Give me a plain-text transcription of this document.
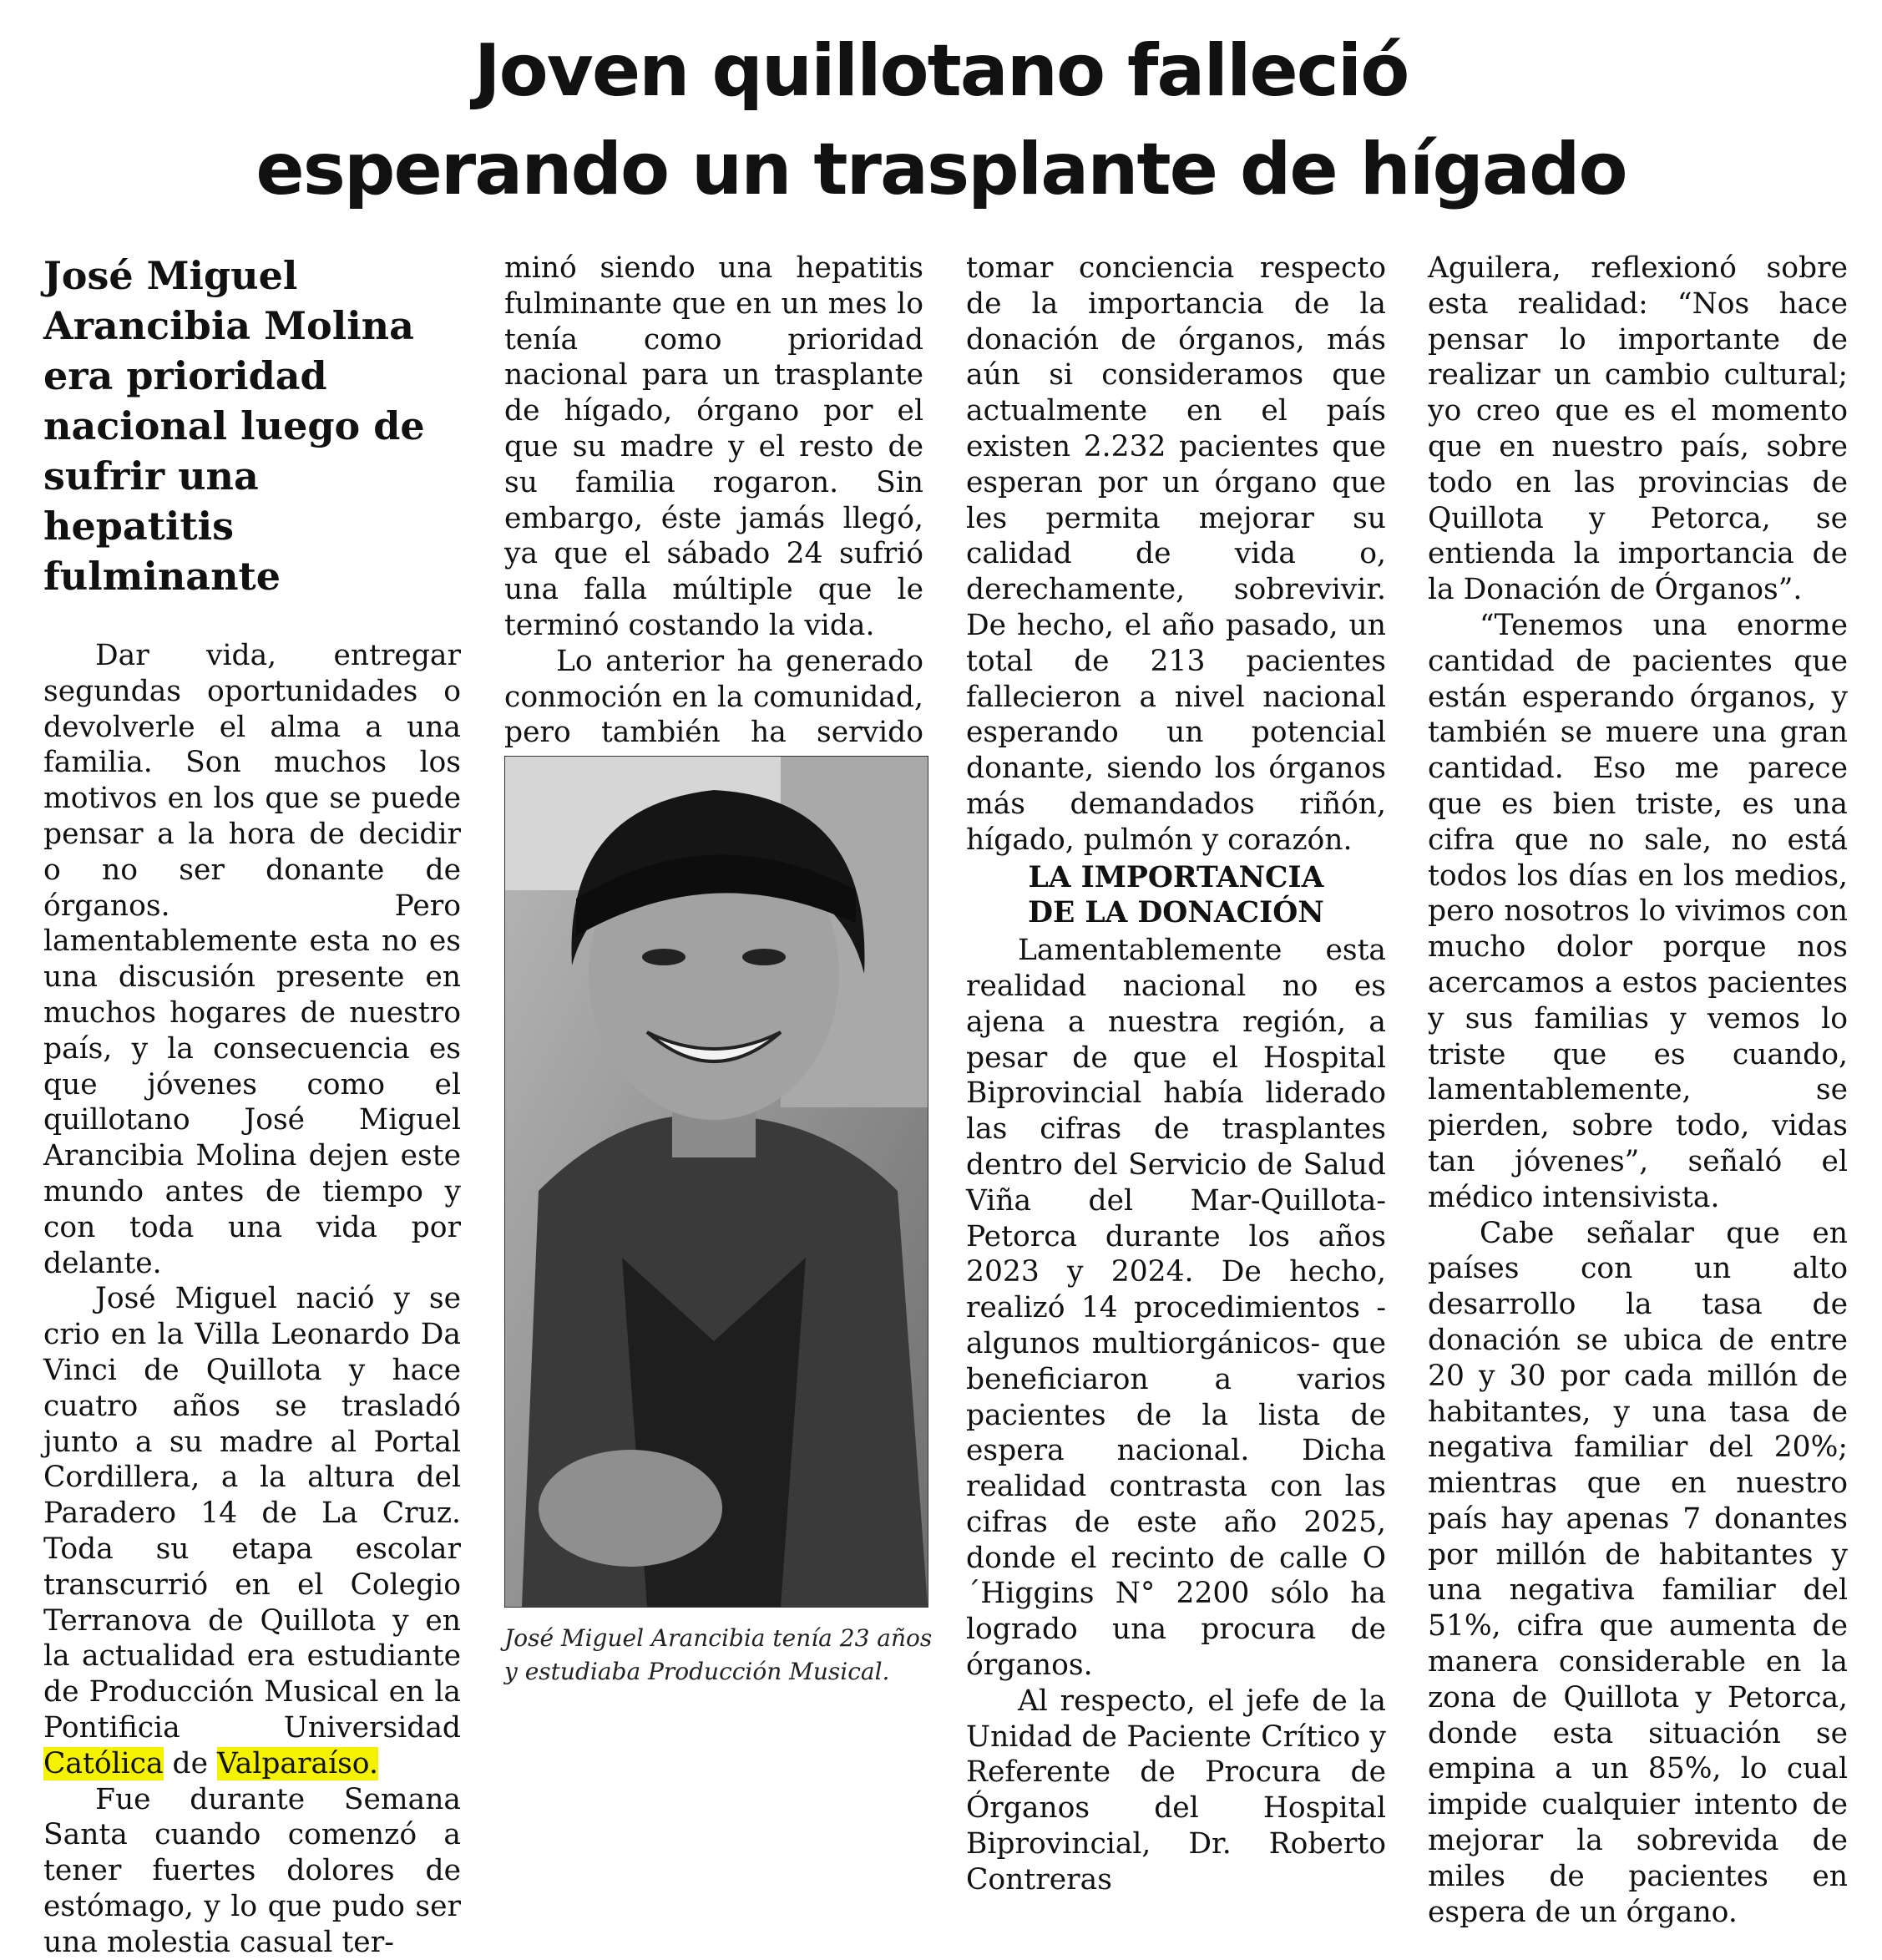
Joven quillotano falleció
esperando un trasplante de hígado
José Miguel Arancibia Molina era prioridad nacional luego de sufrir una hepatitis fulminante

Dar vida, entregar segundas oportunidades o devolverle el alma a una familia. Son muchos los motivos en los que se puede pensar a la hora de decidir o no ser donante de órganos. Pero lamentablemente esta no es una discusión presente en muchos hogares de nuestro país, y la consecuencia es que jóvenes como el quillotano José Miguel Arancibia Molina dejen este mundo antes de tiempo y con toda una vida por delante.

José Miguel nació y se crio en la Villa Leonardo Da Vinci de Quillota y hace cuatro años se trasladó junto a su madre al Portal Cordillera, a la altura del Paradero 14 de La Cruz. Toda su etapa escolar transcurrió en el Colegio Terranova de Quillota y en la actualidad era estudiante de Producción Musical en la Pontificia Universidad Católica de Valparaíso.

Fue durante Semana Santa cuando comenzó a tener fuertes dolores de estómago, y lo que pudo ser una molestia casual ter-

minó siendo una hepatitis fulminante que en un mes lo tenía como prioridad nacional para un trasplante de hígado, órgano por el que su madre y el resto de su familia rogaron. Sin embargo, éste jamás llegó, ya que el sábado 24 sufrió una falla múltiple que le terminó costando la vida.

Lo anterior ha generado conmoción en la comunidad, pero también ha servido

José Miguel Arancibia tenía 23 años
y estudiaba Producción Musical.

tomar conciencia respecto de la importancia de la donación de órganos, más aún si consideramos que actualmente en el país existen 2.232 pacientes que esperan por un órgano que les permita mejorar su calidad de vida o, derechamente, sobrevivir. De hecho, el año pasado, un total de 213 pacientes fallecieron a nivel nacional esperando un potencial donante, siendo los órganos más demandados riñón, hígado, pulmón y corazón.

LA IMPORTANCIA
DE LA DONACIÓN

Lamentablemente esta realidad nacional no es ajena a nuestra región, a pesar de que el Hospital Biprovincial había liderado las cifras de trasplantes dentro del Servicio de Salud Viña del Mar-Quillota-Petorca durante los años 2023 y 2024. De hecho, realizó 14 procedimientos -algunos multiorgánicos- que beneficiaron a varios pacientes de la lista de espera nacional. Dicha realidad contrasta con las cifras de este año 2025, donde el recinto de calle O´Higgins N° 2200 sólo ha logrado una procura de órganos.

Al respecto, el jefe de la Unidad de Paciente Crítico y Referente de Procura de Órganos del Hospital Biprovincial, Dr. Roberto Contreras

Aguilera, reflexionó sobre esta realidad: “Nos hace pensar lo importante de realizar un cambio cultural; yo creo que es el momento que en nuestro país, sobre todo en las provincias de Quillota y Petorca, se entienda la importancia de la Donación de Órganos”.

“Tenemos una enorme cantidad de pacientes que están esperando órganos, y también se muere una gran cantidad. Eso me parece que es bien triste, es una cifra que no sale, no está todos los días en los medios, pero nosotros lo vivimos con mucho dolor porque nos acercamos a estos pacientes y sus familias y vemos lo triste que es cuando, lamentablemente, se pierden, sobre todo, vidas tan jóvenes”, señaló el médico intensivista.

Cabe señalar que en países con un alto desarrollo la tasa de donación se ubica de entre 20 y 30 por cada millón de habitantes, y una tasa de negativa familiar del 20%; mientras que en nuestro país hay apenas 7 donantes por millón de habitantes y una negativa familiar del 51%, cifra que aumenta de manera considerable en la zona de Quillota y Petorca, donde esta situación se empina a un 85%, lo cual impide cualquier intento de mejorar la sobrevida de miles de pacientes en espera de un órgano.
